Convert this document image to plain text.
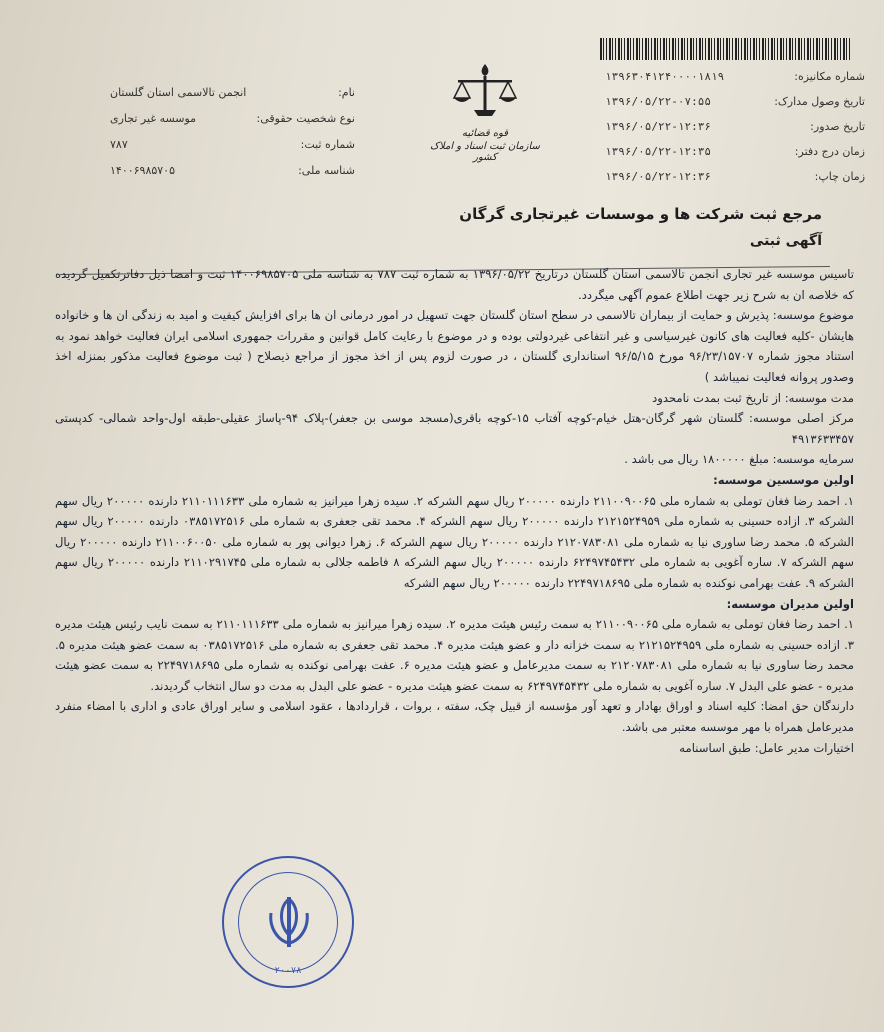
شماره مکانیزه:
۱۳۹۶۳۰۴۱۲۴۰۰۰۰۱۸۱۹
تاریخ وصول مدارک:
۱۳۹۶/۰۵/۲۲-۰۷:۵۵
تاریخ صدور:
۱۳۹۶/۰۵/۲۲-۱۲:۳۶
زمان درج دفتر:
۱۳۹۶/۰۵/۲۲-۱۲:۳۵
زمان چاپ:
۱۳۹۶/۰۵/۲۲-۱۲:۳۶
قوه قضائیه
سازمان ثبت اسناد و املاک کشور
نام:
انجمن تالاسمی استان گلستان
نوع شخصیت حقوقی:
موسسه غیر تجاری
شماره ثبت:
۷۸۷
شناسه ملی:
۱۴۰۰۶۹۸۵۷۰۵
مرجع ثبت شرکت ها و موسسات غیرتجاری گرگان
آگهی ثبتی

تاسیس موسسه غیر تجاری انجمن تالاسمی استان گلستان درتاریخ ۱۳۹۶/۰۵/۲۲ به شماره ثبت ۷۸۷ به شناسه ملی ۱۴۰۰۶۹۸۵۷۰۵ ثبت و امضا ذیل دفاترتکمیل گردیده که خلاصه ان به شرح زیر جهت اطلاع عموم آگهی میگردد.

موضوع موسسه: پذیرش و حمایت از بیماران تالاسمی در سطح استان گلستان جهت تسهیل در امور درمانی ان ها برای افزایش کیفیت و امید به زندگی ان ها و خانواده هایشان -کلیه فعالیت های کانون غیرسیاسی و غیر انتفاعی غیردولتی بوده و در موضوع با رعایت کامل قوانین و مقررات جمهوری اسلامی ایران فعالیت خواهد نمود به استناد مجوز شماره ۹۶/۲۳/۱۵۷۰۷ مورخ ۹۶/۵/۱۵ استانداری گلستان ، در صورت لزوم پس از اخذ مجوز از مراجع ذیصلاح ( ثبت موضوع فعالیت مذکور بمنزله اخذ وصدور پروانه فعالیت نمیباشد )

مدت موسسه: از تاریخ ثبت بمدت نامحدود

مرکز اصلی موسسه: گلستان شهر گرگان-هتل خیام-کوچه آفتاب ۱۵-کوچه باقری(مسجد موسی بن جعفر)-پلاک ۹۴-پاساژ عقیلی-طبقه اول-واحد شمالی- کدپستی ۴۹۱۳۶۳۳۴۵۷

سرمایه موسسه: مبلغ ۱۸۰۰۰۰۰ ریال می باشد .

اولین موسسین موسسه:

۱. احمد رضا فغان توملی به شماره ملی ۲۱۱۰۰۹۰۰۶۵ دارنده ۲۰۰۰۰۰ ریال سهم الشرکه ۲. سیده زهرا میرانیز به شماره ملی ۲۱۱۰۱۱۱۶۳۳ دارنده ۲۰۰۰۰۰ ریال سهم الشرکه ۳. ازاده حسینی به شماره ملی ۲۱۲۱۵۲۴۹۵۹ دارنده ۲۰۰۰۰۰ ریال سهم الشرکه ۴. محمد تقی جعفری به شماره ملی ۰۳۸۵۱۷۲۵۱۶ دارنده ۲۰۰۰۰۰ ریال سهم الشرکه ۵. محمد رضا ساوری نیا به شماره ملی ۲۱۲۰۷۸۳۰۸۱ دارنده ۲۰۰۰۰۰ ریال سهم الشرکه ۶. زهرا دیوانی پور به شماره ملی ۲۱۱۰۰۶۰۰۵۰ دارنده ۲۰۰۰۰۰ ریال سهم الشرکه ۷. ساره آغویی به شماره ملی ۶۲۴۹۷۴۵۴۳۲ دارنده ۲۰۰۰۰۰ ریال سهم الشرکه ۸ فاطمه جلالی به شماره ملی ۲۱۱۰۲۹۱۷۴۵ دارنده ۲۰۰۰۰۰ ریال سهم الشرکه ۹. عفت بهرامی نوکنده به شماره ملی ۲۲۴۹۷۱۸۶۹۵ دارنده ۲۰۰۰۰۰ ریال سهم الشرکه

اولین مدیران موسسه:

۱. احمد رضا فغان توملی به شماره ملی ۲۱۱۰۰۹۰۰۶۵ به سمت رئیس هیئت مدیره ۲. سیده زهرا میرانیز به شماره ملی ۲۱۱۰۱۱۱۶۳۳ به سمت نایب رئیس هیئت مدیره ۳. ازاده حسینی به شماره ملی ۲۱۲۱۵۲۴۹۵۹ به سمت خزانه دار و عضو هیئت مدیره ۴. محمد تقی جعفری به شماره ملی ۰۳۸۵۱۷۲۵۱۶ به سمت عضو هیئت مدیره ۵. محمد رضا ساوری نیا به شماره ملی ۲۱۲۰۷۸۳۰۸۱ به سمت مدیرعامل و عضو هیئت مدیره ۶. عفت بهرامی نوکنده به شماره ملی ۲۲۴۹۷۱۸۶۹۵ به سمت عضو هیئت مدیره - عضو علی البدل ۷. ساره آغویی به شماره ملی ۶۲۴۹۷۴۵۴۳۲ به سمت عضو هیئت مدیره - عضو علی البدل به مدت دو سال انتخاب گردیدند.

دارندگان حق امضا: کلیه اسناد و اوراق بهادار و تعهد آور مؤسسه از قبیل چک، سفته ، بروات ، قراردادها ، عقود اسلامی و سایر اوراق عادی و اداری با امضاء منفرد مدیرعامل همراه با مهر موسسه معتبر می باشد.

اختیارات مدیر عامل: طبق اساسنامه

۲۰۰۷۸
